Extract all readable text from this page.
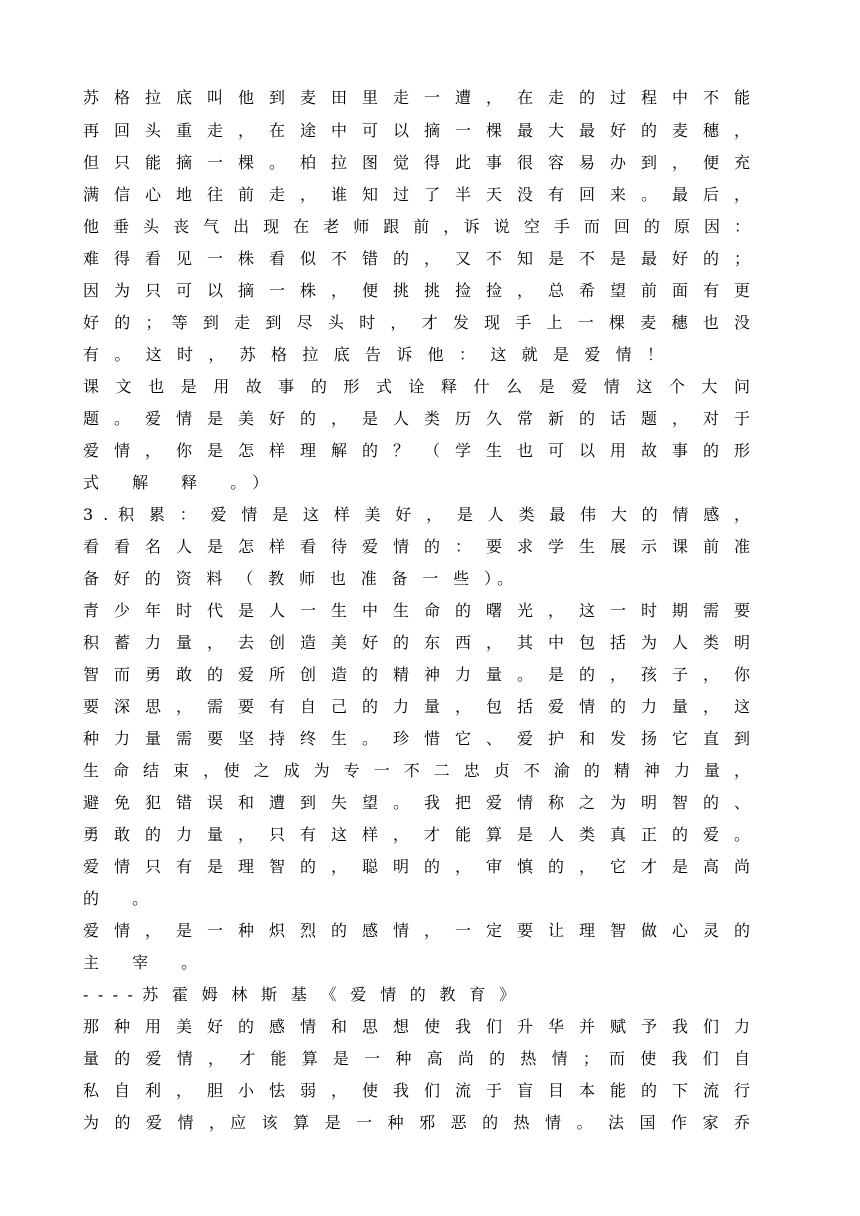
苏 格 拉 底 叫 他 到 麦 田 里 走 一 遭 ， 在 走 的 过 程 中 不 能
再 回 头 重 走 ， 在 途 中 可 以 摘 一 棵 最 大 最 好 的 麦 穗 ，
但 只 能 摘 一 棵 。 柏 拉 图 觉 得 此 事 很 容 易 办 到 ， 便 充
满 信 心 地 往 前 走 ， 谁 知 过 了 半 天 没 有 回 来 。 最 后 ，
他 垂 头 丧 气 出 现 在 老 师 跟 前 ，诉 说 空 手 而 回 的 原 因 ：
难 得 看 见 一 株 看 似 不 错 的 ， 又 不 知 是 不 是 最 好 的 ；
因 为 只 可 以 摘 一 株 ， 便 挑 挑 捡 捡 ， 总 希 望 前 面 有 更
好 的 ； 等 到 走 到 尽 头 时 ， 才 发 现 手 上 一 棵 麦 穗 也 没
有 。 这 时 ， 苏 格 拉 底 告 诉 他 ： 这 就 是 爱 情 ！
课 文 也 是 用 故 事 的 形 式 诠 释 什 么 是 爱 情 这 个 大 问
题 。 爱 情 是 美 好 的 ， 是 人 类 历 久 常 新 的 话 题 ， 对 于
爱 情 ， 你 是 怎 样 理 解 的 ？ （ 学 生 也 可 以 用 故 事 的 形
式 解 释 。）
3 . 积 累 ： 爱 情 是 这 样 美 好 ， 是 人 类 最 伟 大 的 情 感 ，
看 看 名 人 是 怎 样 看 待 爱 情 的 ： 要 求 学 生 展 示 课 前 准
备 好 的 资 料 （ 教 师 也 准 备 一 些 ）。
青 少 年 时 代 是 人 一 生 中 生 命 的 曙 光 ， 这 一 时 期 需 要
积 蓄 力 量 ， 去 创 造 美 好 的 东 西 ， 其 中 包 括 为 人 类 明
智 而 勇 敢 的 爱 所 创 造 的 精 神 力 量 。 是 的 ， 孩 子 ， 你
要 深 思 ， 需 要 有 自 己 的 力 量 ， 包 括 爱 情 的 力 量 ， 这
种 力 量 需 要 坚 持 终 生 。 珍 惜 它 、 爱 护 和 发 扬 它 直 到
生 命 结 束 ，使 之 成 为 专 一 不 二 忠 贞 不 渝 的 精 神 力 量 ，
避 免 犯 错 误 和 遭 到 失 望 。 我 把 爱 情 称 之 为 明 智 的 、
勇 敢 的 力 量 ， 只 有 这 样 ， 才 能 算 是 人 类 真 正 的 爱 。
爱 情 只 有 是 理 智 的 ， 聪 明 的 ， 审 慎 的 ， 它 才 是 高 尚
的 。
爱 情 ， 是 一 种 炽 烈 的 感 情 ， 一 定 要 让 理 智 做 心 灵 的
主 宰 。
- - - - 苏 霍 姆 林 斯 基 《 爱 情 的 教 育 》
那 种 用 美 好 的 感 情 和 思 想 使 我 们 升 华 并 赋 予 我 们 力
量 的 爱 情 ， 才 能 算 是 一 种 高 尚 的 热 情 ； 而 使 我 们 自
私 自 利 ， 胆 小 怯 弱 ， 使 我 们 流 于 盲 目 本 能 的 下 流 行
为 的 爱 情 ，应 该 算 是 一 种 邪 恶 的 热 情 。 法 国 作 家 乔
